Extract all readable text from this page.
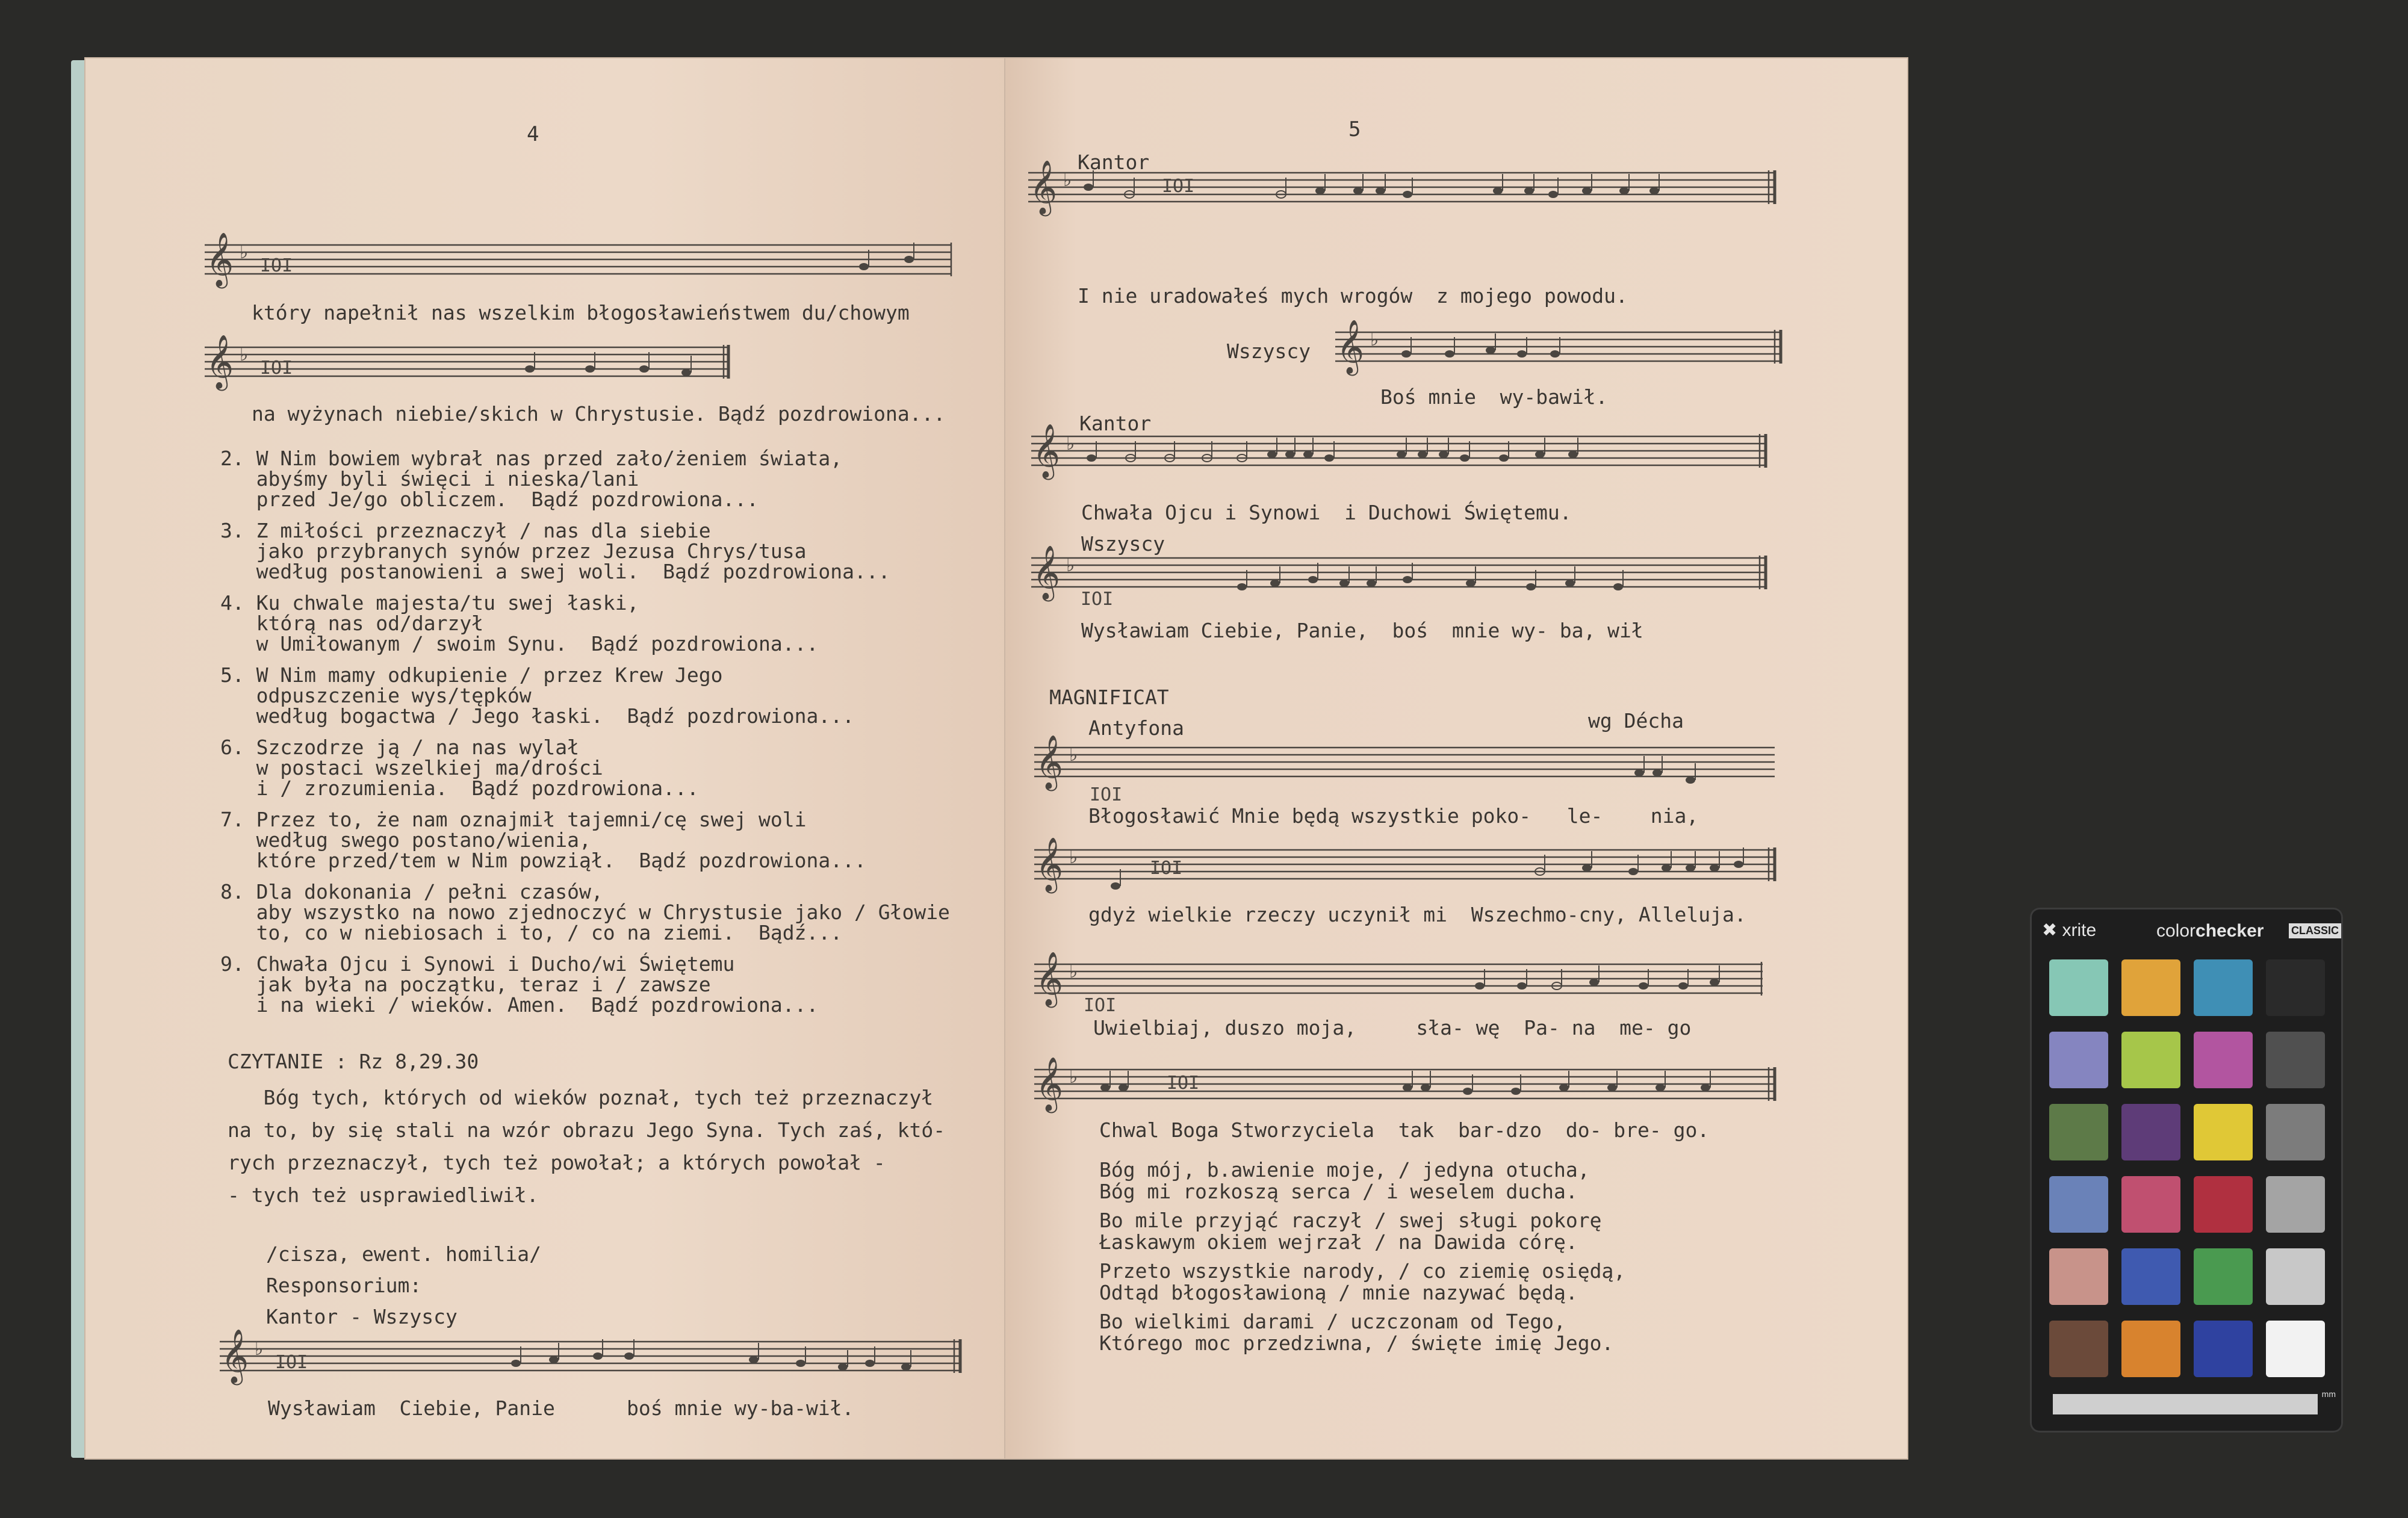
4
𝄞 ♭
IOI
który napełnił nas wszelkim błogosławieństwem du/chowym
𝄞 ♭
IOI
na wyżynach niebie/skich w Chrystusie. Bądź pozdrowiona...
CZYTANIE : Rz 8,29.30
/cisza, ewent. homilia/
Responsorium:
Kantor - Wszyscy
𝄞 ♭
IOI
Wysławiam  Ciebie, Panie      boś mnie wy-ba-wił.
2. W Nim bowiem wybrał nas przed zało/żeniem świata,
abyśmy byli święci i nieska/lani
przed Je/go obliczem.  Bądź pozdrowiona...
3. Z miłości przeznaczył / nas dla siebie
jako przybranych synów przez Jezusa Chrys/tusa
według postanowieni a swej woli.  Bądź pozdrowiona...
4. Ku chwale majesta/tu swej łaski,
którą nas od/darzył
w Umiłowanym / swoim Synu.  Bądź pozdrowiona...
5. W Nim mamy odkupienie / przez Krew Jego
odpuszczenie wys/tępków
według bogactwa / Jego łaski.  Bądź pozdrowiona...
6. Szczodrze ją / na nas wylał
w postaci wszelkiej ma/drości
i / zrozumienia.  Bądź pozdrowiona...
7. Przez to, że nam oznajmił tajemni/cę swej woli
według swego postano/wienia,
które przed/tem w Nim powziął.  Bądź pozdrowiona...
8. Dla dokonania / pełni czasów,
aby wszystko na nowo zjednoczyć w Chrystusie jako / Głowie
to, co w niebiosach i to, / co na ziemi.  Bądź...
9. Chwała Ojcu i Synowi i Ducho/wi Świętemu
jak była na początku, teraz i / zawsze
i na wieki / wieków. Amen.  Bądź pozdrowiona...
Bóg tych, których od wieków poznał, tych też przeznaczył
na to, by się stali na wzór obrazu Jego Syna. Tych zaś, któ-
rych przeznaczył, tych też powołał; a których powołał -
- tych też usprawiedliwił.
5
Kantor
𝄞 ♭	IOI
I nie uradowałeś mych wrogów  z mojego powodu.
Wszyscy 𝄞 ♭
Boś mnie  wy-bawił.
Kantor
𝄞 ♭
Chwała Ojcu i Synowi  i Duchowi Świętemu.
Wszyscy
𝄞 ♭
IOI
Wysławiam Ciebie, Panie,  boś  mnie wy- ba, wił
MAGNIFICAT
Antyfona	wg Décha
𝄞 ♭
IOI
Błogosławić Mnie będą wszystkie poko-   le-    nia,
𝄞 ♭
IOI
gdyż wielkie rzeczy uczynił mi  Wszechmo-cny, Alleluja.
𝄞 ♭
IOI
Uwielbiaj, duszo moja,     sła- wę  Pa- na  me- go
𝄞 ♭	IOI
Chwal Boga Stworzyciela  tak  bar-dzo  do- bre- go.
Bóg mój, b.awienie moje, / jedyna otucha,
Bóg mi rozkoszą serca / i weselem ducha.
Bo mile przyjąć raczył / swej sługi pokorę
Łaskawym okiem wejrzał / na Dawida córę.
Przeto wszystkie narody, / co ziemię osiędą,
Odtąd błogosławioną / mnie nazywać będą.
Bo wielkimi darami / uczczonam od Tego,
Którego moc przedziwna, / święte imię Jego.
✖ xrite	colorchecker	CLASSIC
mm
